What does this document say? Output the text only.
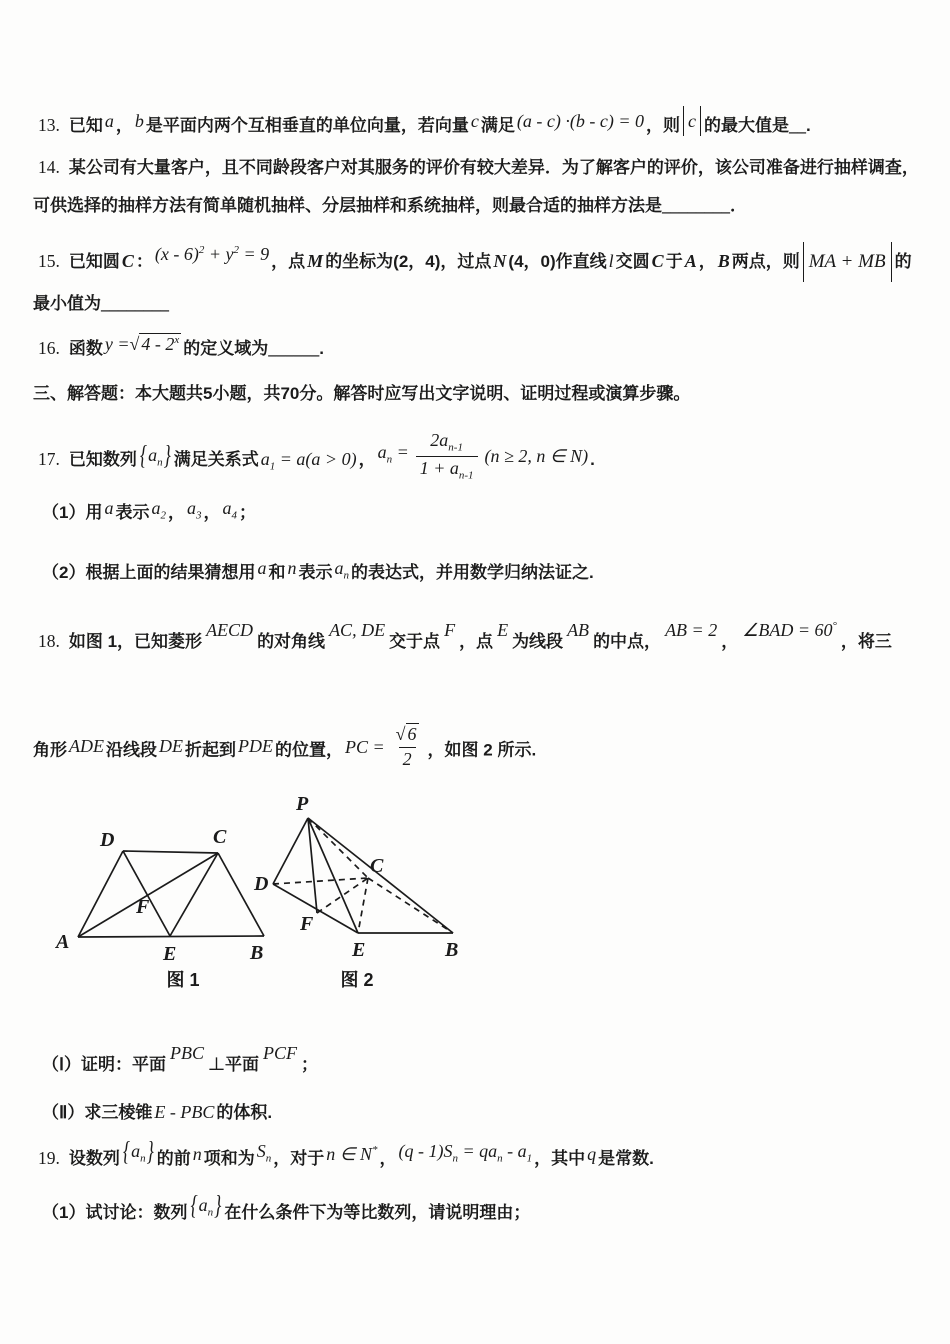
13. 已知 a ， b 是平面内两个互相垂直的单位向量，若向量 c 满足 (a - c) ·(b - c) = 0 ，则 c 的最大值是__.
14. 某公司有大量客户，且不同龄段客户对其服务的评价有较大差异．为了解客户的评价，该公司准备进行抽样调查，
可供选择的抽样方法有简单随机抽样、分层抽样和系统抽样，则最合适的抽样方法是________．
15. 已知圆 C ： $(x - 6)^2 + y^2 = 9$ ，点 M 的坐标为(2，4)，过点 N (4，0)作直线 l 交圆 C 于 A ， B 两点，则 MA + MB 的
最小值为________
16. 函数 y =√ 4 - 2$^x$ 的定义域为______.
三、解答题：本大题共5小题，共70分。解答时应写出文字说明、证明过程或演算步骤。
17. 已知数列 $\{a_n\}$ 满足关系式 $a_1 = a(a > 0)$ ， $a_n = \frac{2a_{n-1}}{1 + a_{n-1}} (n \ge 2$, n ∈ N) .
（1）用 a 表示 $a_2$ ， $a_3$ ， $a_4$ ；
（2）根据上面的结果猜想用 a 和 n 表示 $a_n$ 的表达式，并用数学归纳法证之.
18. 如图 1，已知菱形AECD的对角线AC, DE交于点F，点E为线段AB的中点，AB = 2，∠BAD = 60°，将三
角形 ADE 沿线段 DE 折起到 PDE 的位置， PC = $\frac{√ 6}{2}$ ，如图 2 所示.
D	C
F
A
E	B
P
D
C
F
E	B
图 1	图 2
（Ⅰ）证明：平面PBC⊥平面PCF；
（Ⅱ）求三棱锥 E - PBC 的体积.
19. 设数列 $\{a_n\}$ 的前 n 项和为 $S_n$ ，对于 n ∈ N* ， $(q - 1)S_n = qa_n - a_1$ ，其中 q 是常数.
（1）试讨论：数列 $\{a_n\}$ 在什么条件下为等比数列，请说明理由；
